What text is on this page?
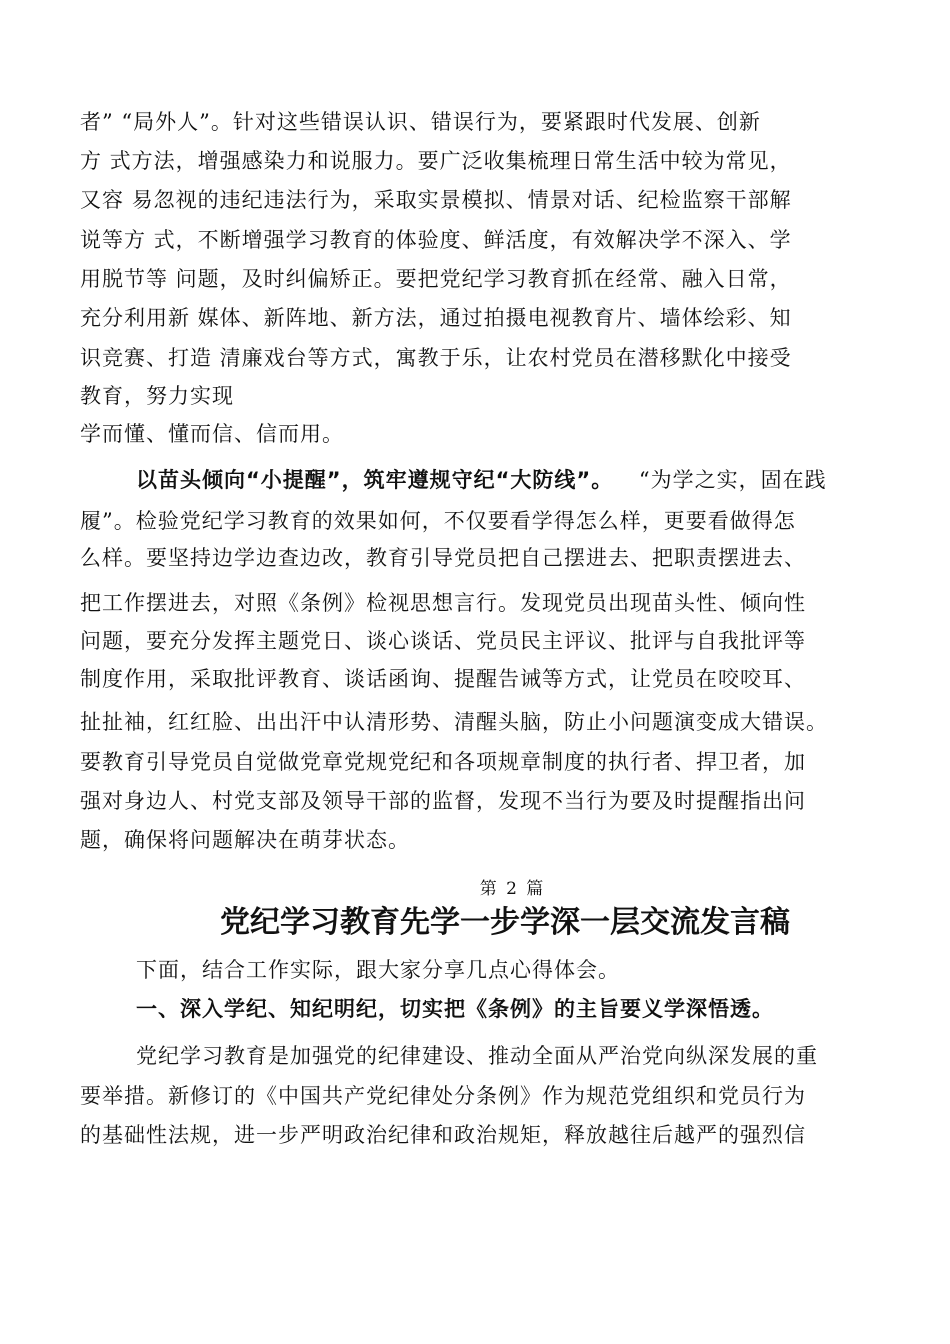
者” “局外人”。针对这些错误认识、错误行为，要紧跟时代发展、创新
方 式方法，增强感染力和说服力。要广泛收集梳理日常生活中较为常见，
又容 易忽视的违纪违法行为，采取实景模拟、情景对话、纪检监察干部解
说等方 式，不断增强学习教育的体验度、鲜活度，有效解决学不深入、学
用脱节等 问题，及时纠偏矫正。要把党纪学习教育抓在经常、融入日常，
充分利用新 媒体、新阵地、新方法，通过拍摄电视教育片、墙体绘彩、知
识竞赛、打造 清廉戏台等方式，寓教于乐，让农村党员在潜移默化中接受
教育，努力实现
学而懂、懂而信、信而用。
以苗头倾向“小提醒”，筑牢遵规守纪“大防线”。 “为学之实，固在践
履”。检验党纪学习教育的效果如何，不仅要看学得怎么样，更要看做得怎
么样。要坚持边学边查边改，教育引导党员把自己摆进去、把职责摆进去、
把工作摆进去，对照《条例》检视思想言行。发现党员出现苗头性、倾向性
问题，要充分发挥主题党日、谈心谈话、党员民主评议、批评与自我批评等
制度作用，采取批评教育、谈话函询、提醒告诫等方式，让党员在咬咬耳、
扯扯袖，红红脸、出出汗中认清形势、清醒头脑，防止小问题演变成大错误。
要教育引导党员自觉做党章党规党纪和各项规章制度的执行者、捍卫者，加
强对身边人、村党支部及领导干部的监督，发现不当行为要及时提醒指出问
题，确保将问题解决在萌芽状态。
第 2 篇
党纪学习教育先学一步学深一层交流发言稿
下面，结合工作实际，跟大家分享几点心得体会。
一、深入学纪、知纪明纪，切实把《条例》的主旨要义学深悟透。
党纪学习教育是加强党的纪律建设、推动全面从严治党向纵深发展的重
要举措。新修订的《中国共产党纪律处分条例》作为规范党组织和党员行为
的基础性法规，进一步严明政治纪律和政治规矩，释放越往后越严的强烈信
